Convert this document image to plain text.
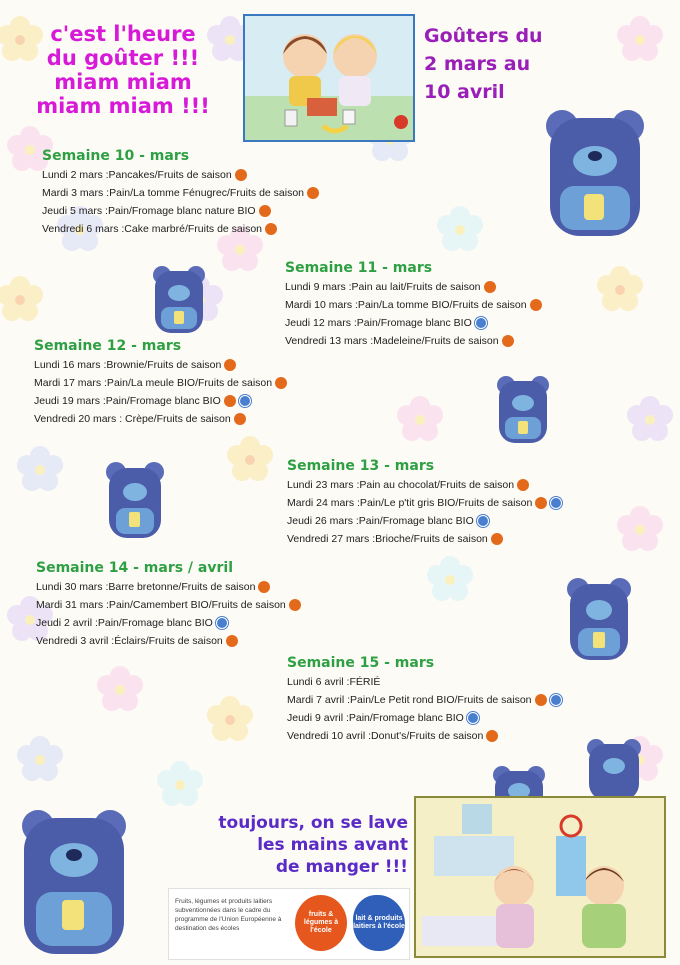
c'est l'heure
du goûter !!!
miam miam
miam miam !!!
Goûters du
2 mars au
10 avril
Semaine 10 - mars
Lundi 2 mars :Pancakes/Fruits de saison
Mardi 3 mars :Pain/La tomme Fénugrec/Fruits de saison
Jeudi 5 mars :Pain/Fromage blanc nature BIO
Vendredi 6 mars :Cake marbré/Fruits de saison
Semaine 11 - mars
Lundi 9 mars :Pain au lait/Fruits de saison
Mardi 10 mars :Pain/La tomme BIO/Fruits de saison
Jeudi 12 mars :Pain/Fromage blanc BIO
Vendredi 13 mars :Madeleine/Fruits de saison
Semaine 12 - mars
Lundi 16 mars :Brownie/Fruits de saison
Mardi 17 mars :Pain/La meule BIO/Fruits de saison
Jeudi 19 mars :Pain/Fromage blanc BIO
Vendredi 20 mars : Crèpe/Fruits de saison
Semaine 13 - mars
Lundi 23 mars :Pain au chocolat/Fruits de saison
Mardi 24 mars :Pain/Le p'tit gris BIO/Fruits de saison
Jeudi 26 mars :Pain/Fromage blanc BIO
Vendredi 27 mars :Brioche/Fruits de saison
Semaine 14 - mars / avril
Lundi 30 mars :Barre bretonne/Fruits de saison
Mardi 31 mars :Pain/Camembert BIO/Fruits de saison
Jeudi 2 avril :Pain/Fromage blanc BIO
Vendredi 3 avril :Éclairs/Fruits de saison
Semaine 15 - mars
Lundi 6 avril :FÉRIÉ
Mardi 7 avril :Pain/Le Petit rond BIO/Fruits de saison
Jeudi 9 avril :Pain/Fromage blanc BIO
Vendredi 10 avril :Donut's/Fruits de saison
toujours, on se lave
les mains avant
de manger !!!
Fruits, légumes et produits laitiers subventionnées dans le cadre du programme de l'Union Européenne à destination des écoles
fruits & légumes à l'école
lait & produits laitiers à l'école
